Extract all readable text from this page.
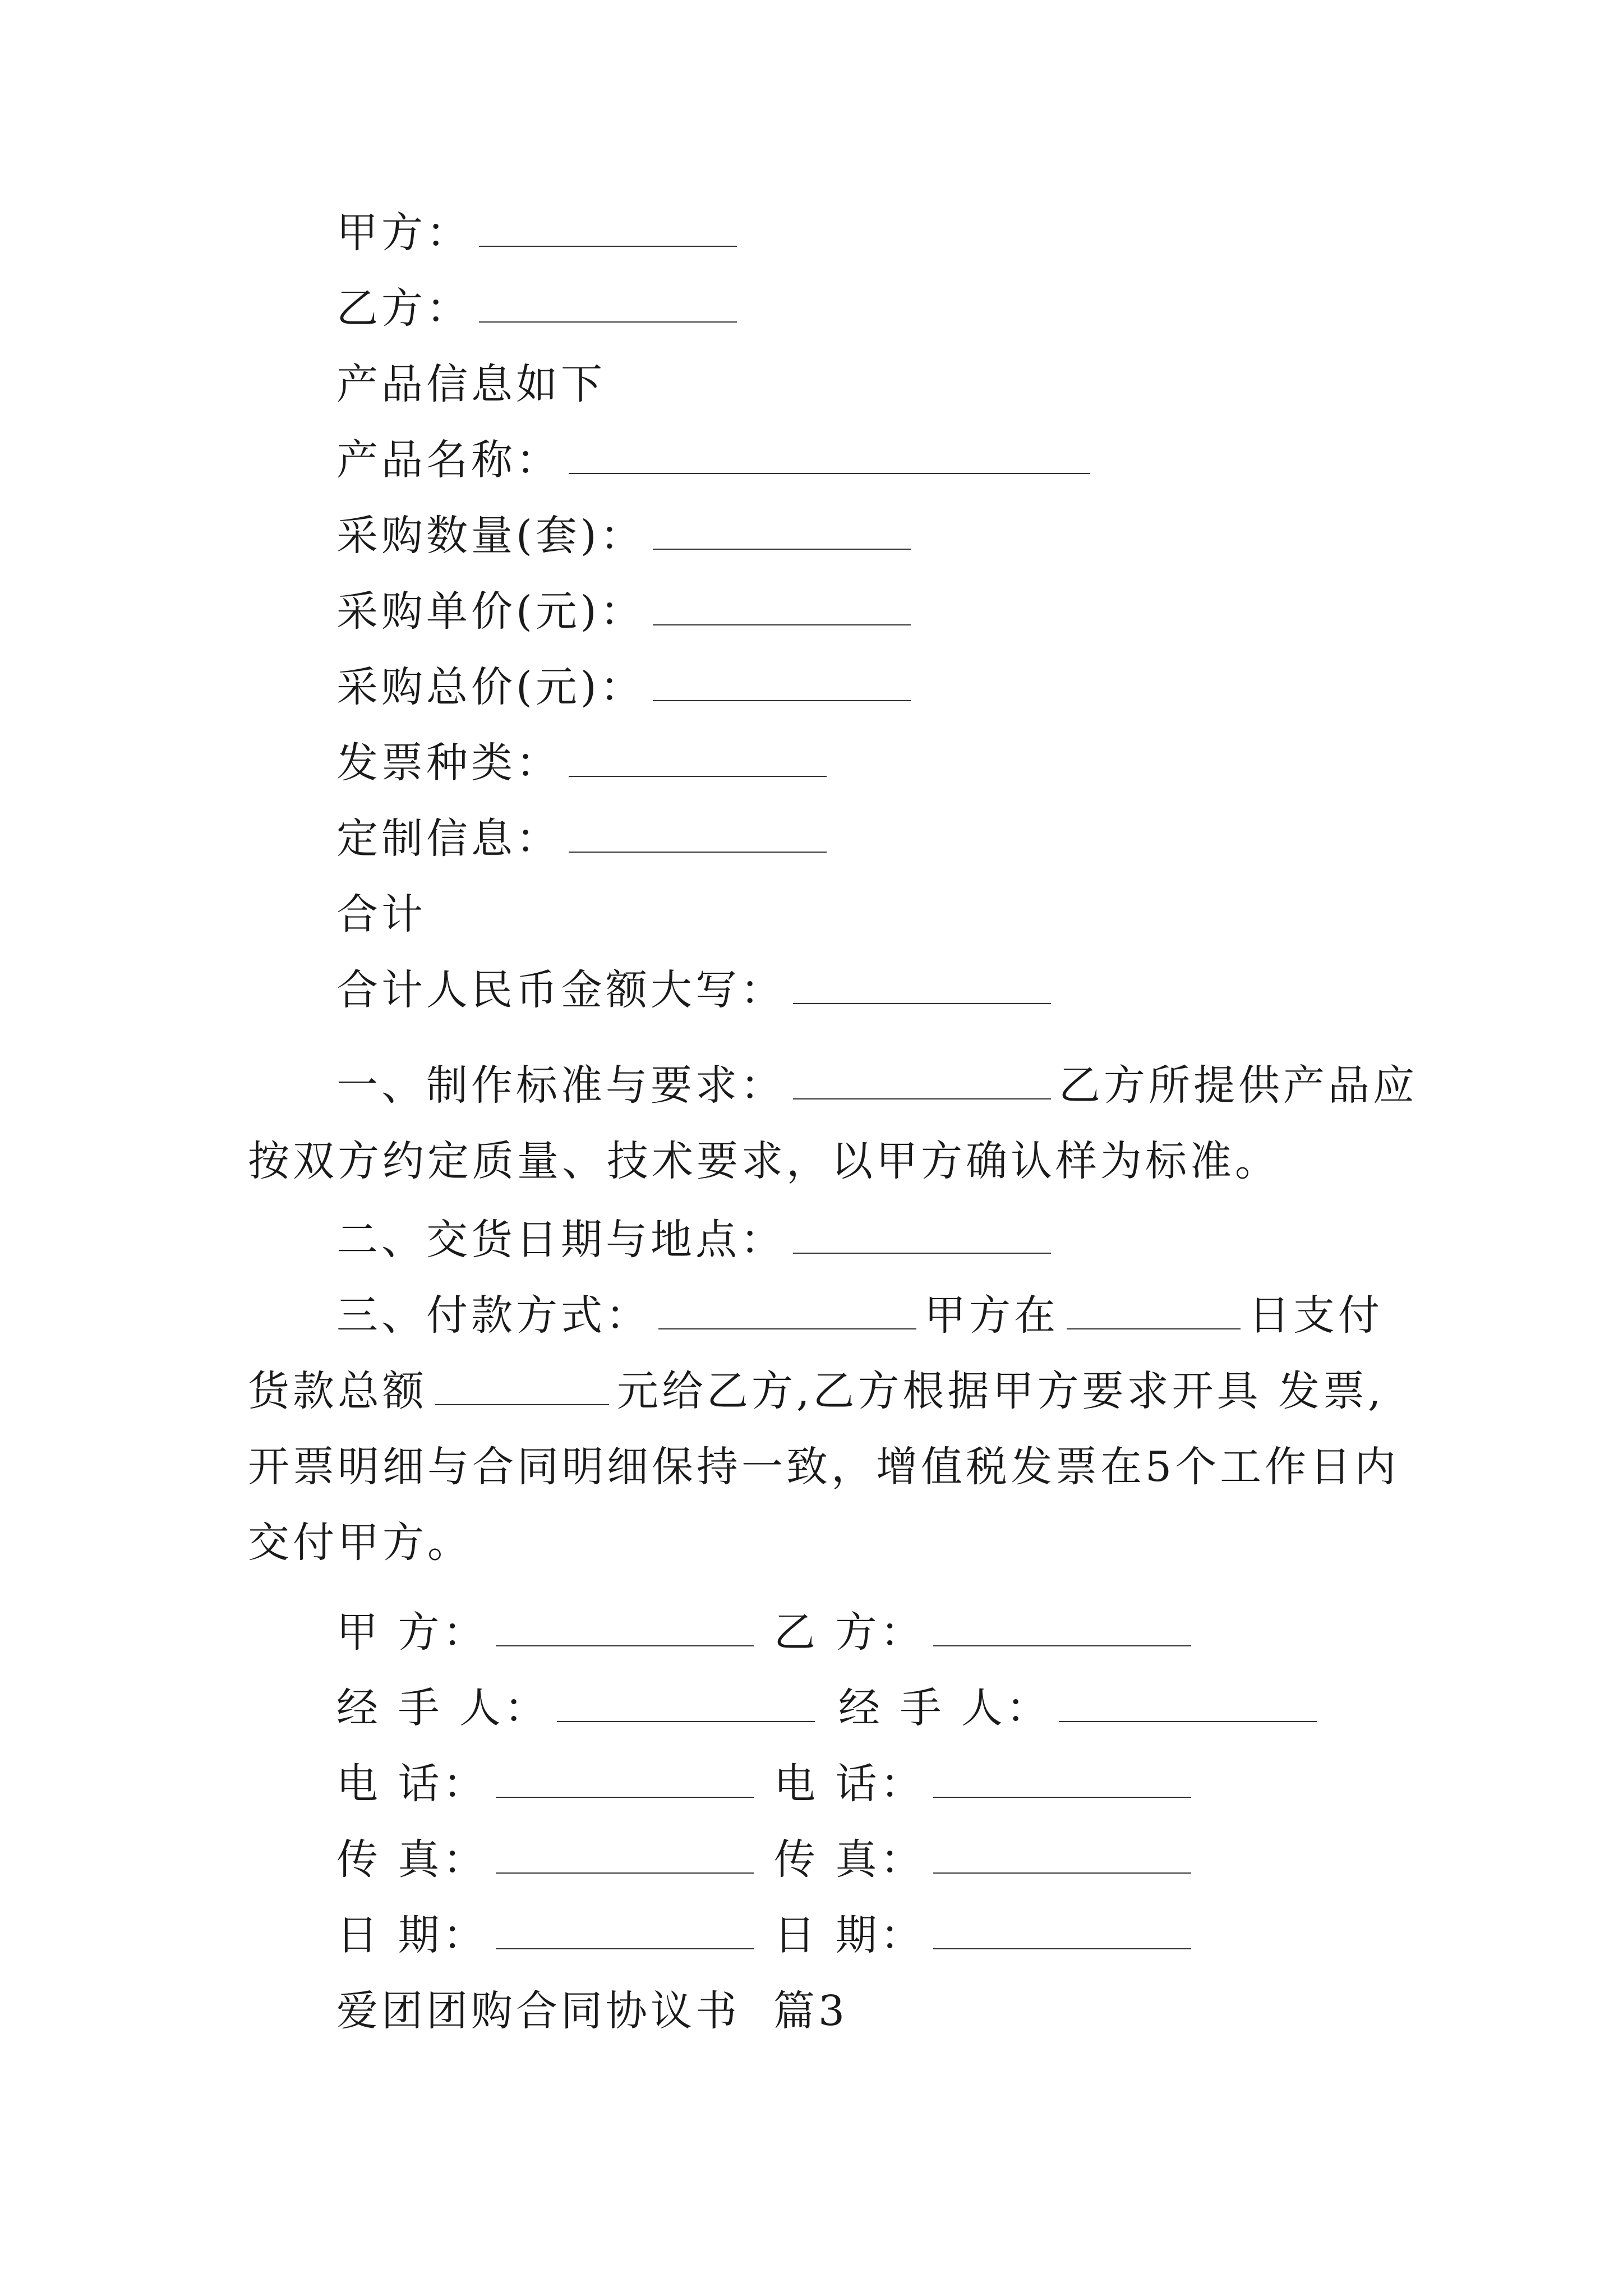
甲方：
乙方：
产品信息如下
产品名称：
采购数量(套)：
采购单价(元)：
采购总价(元)：
发票种类：
定制信息：
合计
合计人民币金额大写：
一、制作标准与要求：	乙方所提供产品应
按双方约定质量、技术要求，以甲方确认样为标准。
二、交货日期与地点：
三、付款方式：	甲方在	日支付
货款总额	元给乙方,乙方根据甲方要求开具 发票,
开票明细与合同明细保持一致，增值税发票在5个工作日内
交付甲方。
甲 方：	乙 方：
经 手 人：	经 手 人：
电 话：	电 话：
传 真：	传 真：
日 期：	日 期：
爱团团购合同协议书  篇3
